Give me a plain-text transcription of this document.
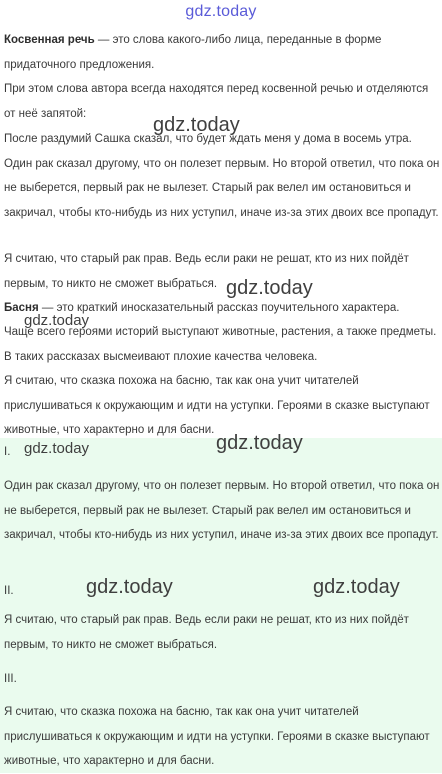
gdz.today

Косвенная речь — это слова какого-либо лица, переданные в форме придаточного предложения.

При этом слова автора всегда находятся перед косвенной речью и отделяются от неё запятой:

После раздумий Сашка сказал, что будет ждать меня у дома в восемь утра. Один рак сказал другому, что он полезет первым. Но второй ответил, что пока он не выберется, первый рак не вылезет. Старый рак велел им остановиться и закричал, чтобы кто-нибудь из них уступил, иначе из-за этих двоих все пропадут.

Я считаю, что старый рак прав. Ведь если раки не решат, кто из них пойдёт первым, то никто не сможет выбраться.

Басня — это краткий иносказательный рассказ поучительного характера.

Чаще всего героями историй выступают животные, растения, а также предметы. В таких рассказах высмеивают плохие качества человека.

Я считаю, что сказка похожа на басню, так как она учит читателей прислушиваться к окружающим и идти на уступки. Героями в сказке выступают животные, что характерно и для басни.

I.

Один рак сказал другому, что он полезет первым. Но второй ответил, что пока он не выберется, первый рак не вылезет. Старый рак велел им остановиться и закричал, чтобы кто-нибудь из них уступил, иначе из-за этих двоих все пропадут.

II.

Я считаю, что старый рак прав. Ведь если раки не решат, кто из них пойдёт первым, то никто не сможет выбраться.

III.

Я считаю, что сказка похожа на басню, так как она учит читателей прислушиваться к окружающим и идти на уступки. Героями в сказке выступают животные, что характерно и для басни.

gdz.today
gdz.today
gdz.today
gdz.today
gdz.today
gdz.today	gdz.today
